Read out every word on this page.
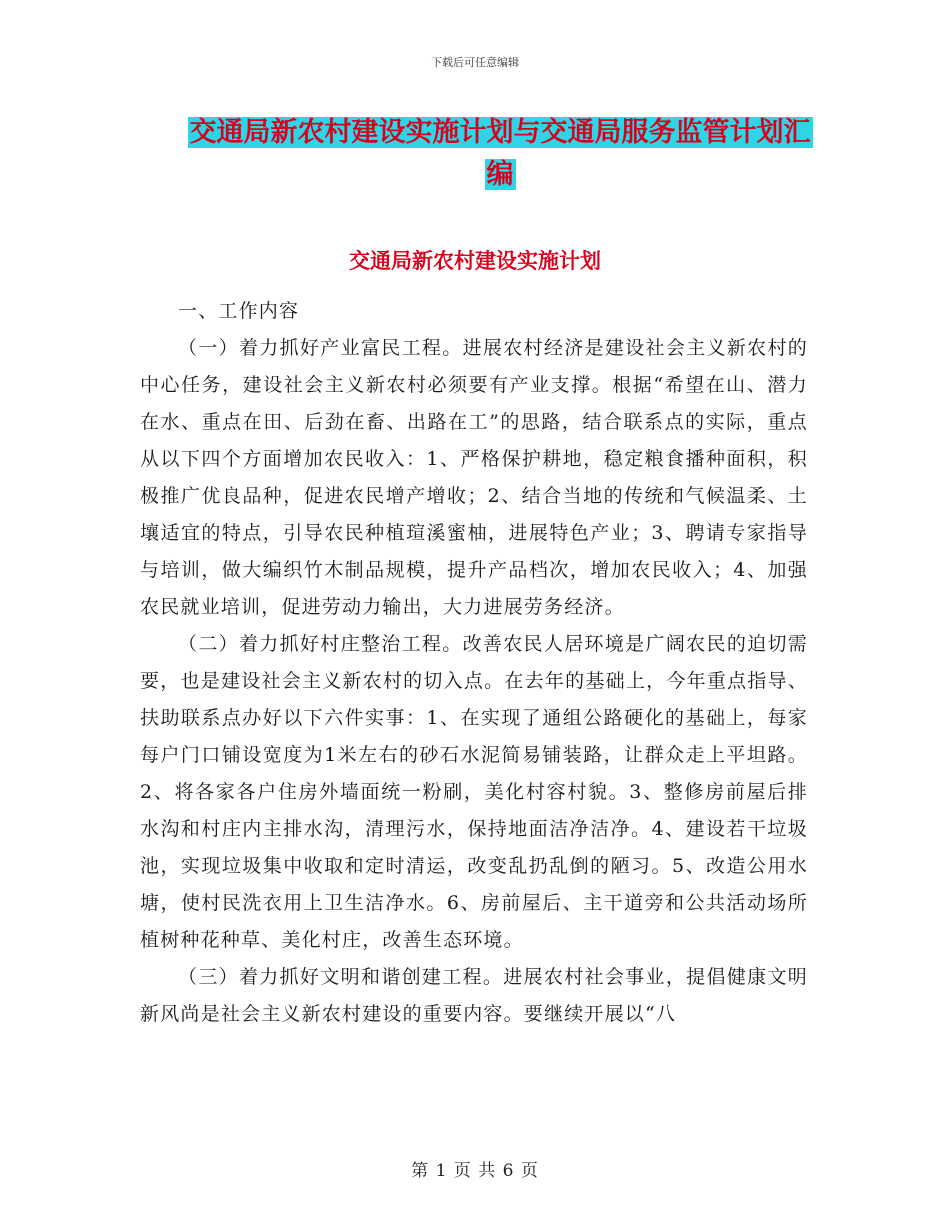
下载后可任意编辑
交通局新农村建设实施计划与交通局服务监管计划汇
编
交通局新农村建设实施计划

一、工作内容

（一）着力抓好产业富民工程。进展农村经济是建设社会主义新农村的中心任务，建设社会主义新农村必须要有产业支撑。根据“希望在山、潜力在水、重点在田、后劲在畜、出路在工”的思路，结合联系点的实际，重点从以下四个方面增加农民收入：1、严格保护耕地，稳定粮食播种面积，积极推广优良品种，促进农民增产增收；2、结合当地的传统和气候温柔、土壤适宜的特点，引导农民种植瑄溪蜜柚，进展特色产业；3、聘请专家指导与培训，做大编织竹木制品规模，提升产品档次，增加农民收入；4、加强农民就业培训，促进劳动力输出，大力进展劳务经济。

（二）着力抓好村庄整治工程。改善农民人居环境是广阔农民的迫切需要，也是建设社会主义新农村的切入点。在去年的基础上，今年重点指导、扶助联系点办好以下六件实事：1、在实现了通组公路硬化的基础上，每家每户门口铺设宽度为1米左右的砂石水泥简易铺装路，让群众走上平坦路。2、将各家各户住房外墙面统一粉刷，美化村容村貌。3、整修房前屋后排水沟和村庄内主排水沟，清理污水，保持地面洁净洁净。4、建设若干垃圾池，实现垃圾集中收取和定时清运，改变乱扔乱倒的陋习。5、改造公用水塘，使村民洗衣用上卫生洁净水。6、房前屋后、主干道旁和公共活动场所植树种花种草、美化村庄，改善生态环境。

（三）着力抓好文明和谐创建工程。进展农村社会事业，提倡健康文明新风尚是社会主义新农村建设的重要内容。要继续开展以“八

第 1 页 共 6 页
